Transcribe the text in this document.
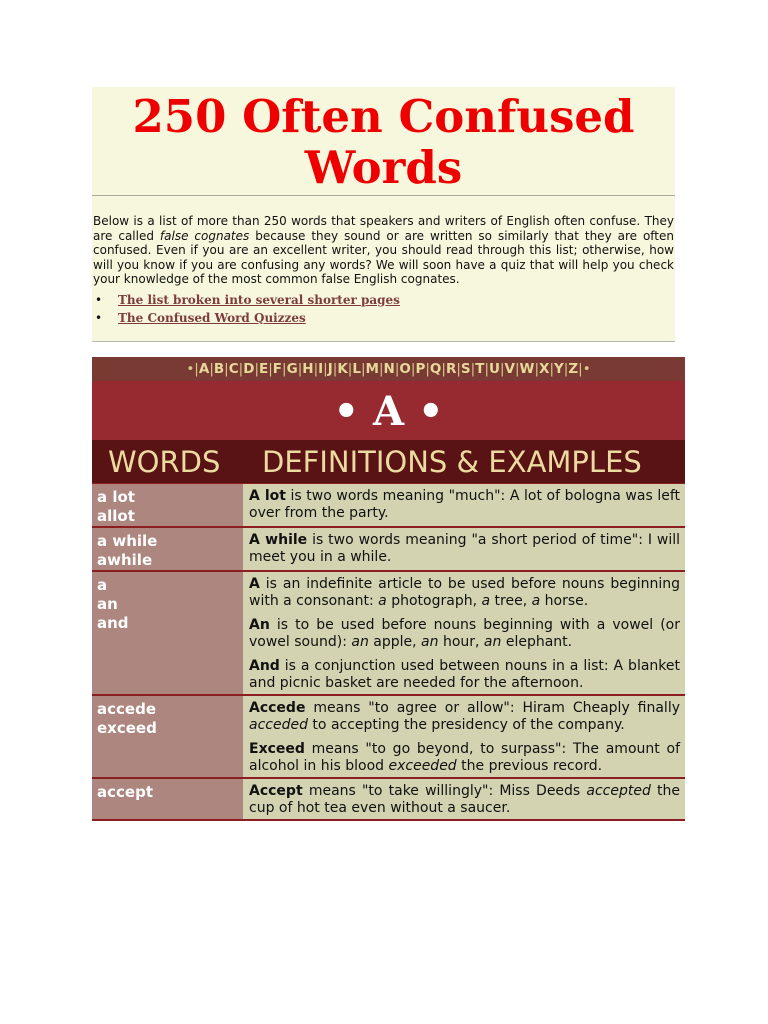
250 Often Confused Words

Below is a list of more than 250 words that speakers and writers of English often confuse. They are called false cognates because they sound or are written so similarly that they are often confused. Even if you are an excellent writer, you should read through this list; otherwise, how will you know if you are confusing any words? We will soon have a quiz that will help you check your knowledge of the most common false English cognates.

• The list broken into several shorter pages
• The Confused Word Quizzes
•|A|B|C|D|E|F|G|H|I|J|K|L|M|N|O|P|Q|R|S|T|U|V|W|X|Y|Z|•
• A •
WORDS DEFINITIONS & EXAMPLES
a lot
allot

A lot is two words meaning "much": A lot of bologna was left over from the party.

a while
awhile

A while is two words meaning "a short period of time": I will meet you in a while.

a
an
and

A is an indefinite article to be used before nouns beginning with a consonant: a photograph, a tree, a horse.

An is to be used before nouns beginning with a vowel (or vowel sound): an apple, an hour, an elephant.

And is a conjunction used between nouns in a list: A blanket and picnic basket are needed for the afternoon.

accede
exceed

Accede means "to agree or allow": Hiram Cheaply finally acceded to accepting the presidency of the company.

Exceed means "to go beyond, to surpass": The amount of alcohol in his blood exceeded the previous record.

accept	Accept means "to take willingly": Miss Deeds accepted the cup of hot tea even without a saucer.
